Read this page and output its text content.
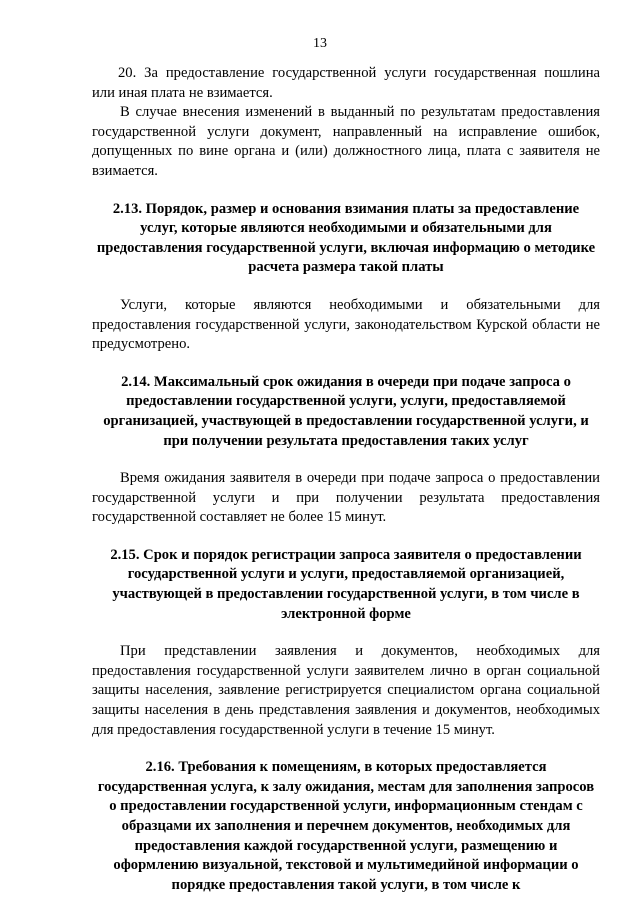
13

20. За предоставление государственной услуги государственная пошлина или иная плата не взимается.

В случае внесения изменений в выданный по результатам предоставления государственной услуги документ, направленный на исправление ошибок, допущенных по вине органа и (или) должностного лица, плата с заявителя не взимается.

2.13. Порядок, размер и основания взимания платы за предоставление услуг, которые являются необходимыми и обязательными для предоставления государственной услуги, включая информацию о методике расчета размера такой платы

Услуги, которые являются необходимыми и обязательными для предоставления государственной услуги, законодательством Курской области не предусмотрено.

2.14. Максимальный срок ожидания в очереди при подаче запроса о предоставлении государственной услуги, услуги, предоставляемой организацией, участвующей в предоставлении государственной услуги, и при получении результата предоставления таких услуг

Время ожидания заявителя в очереди при подаче запроса о предоставлении государственной услуги и при получении результата предоставления государственной составляет не более 15 минут.

2.15. Срок и порядок регистрации запроса заявителя о предоставлении государственной услуги и услуги, предоставляемой организацией, участвующей в предоставлении государственной услуги, в том числе в электронной форме

При представлении заявления и документов, необходимых для предоставления государственной услуги заявителем лично в орган социальной защиты населения, заявление регистрируется специалистом органа социальной защиты населения в день представления заявления и документов, необходимых для предоставления государственной услуги в течение 15 минут.

2.16. Требования к помещениям, в которых предоставляется государственная услуга, к залу ожидания, местам для заполнения запросов о предоставлении государственной услуги, информационным стендам с образцами их заполнения и перечнем документов, необходимых для предоставления каждой государственной услуги, размещению и оформлению визуальной, текстовой и мультимедийной информации о порядке предоставления такой услуги, в том числе к
